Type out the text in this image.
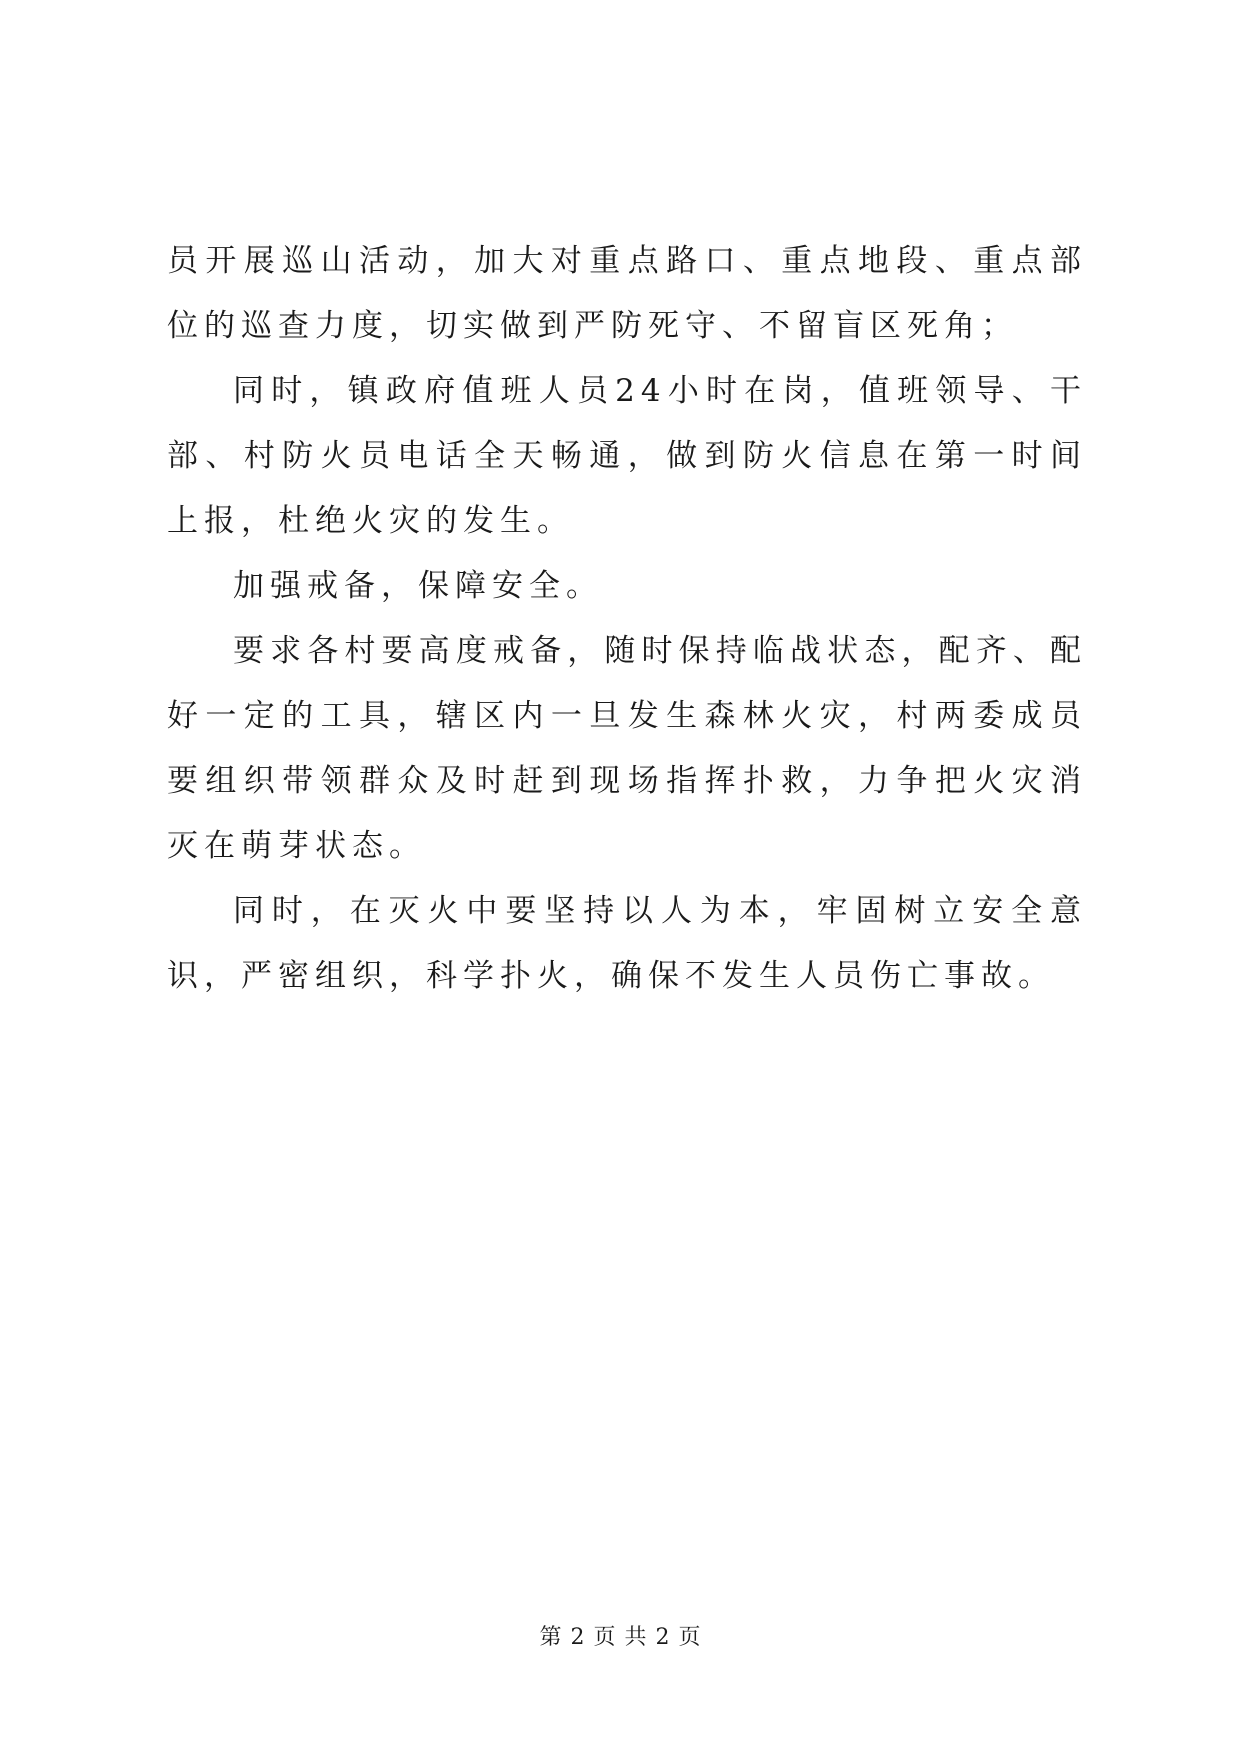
员开展巡山活动，加大对重点路口、重点地段、重点部位的巡查力度，切实做到严防死守、不留盲区死角；

同时，镇政府值班人员24小时在岗，值班领导、干部、村防火员电话全天畅通，做到防火信息在第一时间上报，杜绝火灾的发生。

加强戒备，保障安全。

要求各村要高度戒备，随时保持临战状态，配齐、配好一定的工具，辖区内一旦发生森林火灾，村两委成员要组织带领群众及时赶到现场指挥扑救，力争把火灾消灭在萌芽状态。

同时，在灭火中要坚持以人为本，牢固树立安全意识，严密组织，科学扑火，确保不发生人员伤亡事故。

第 2 页 共 2 页
